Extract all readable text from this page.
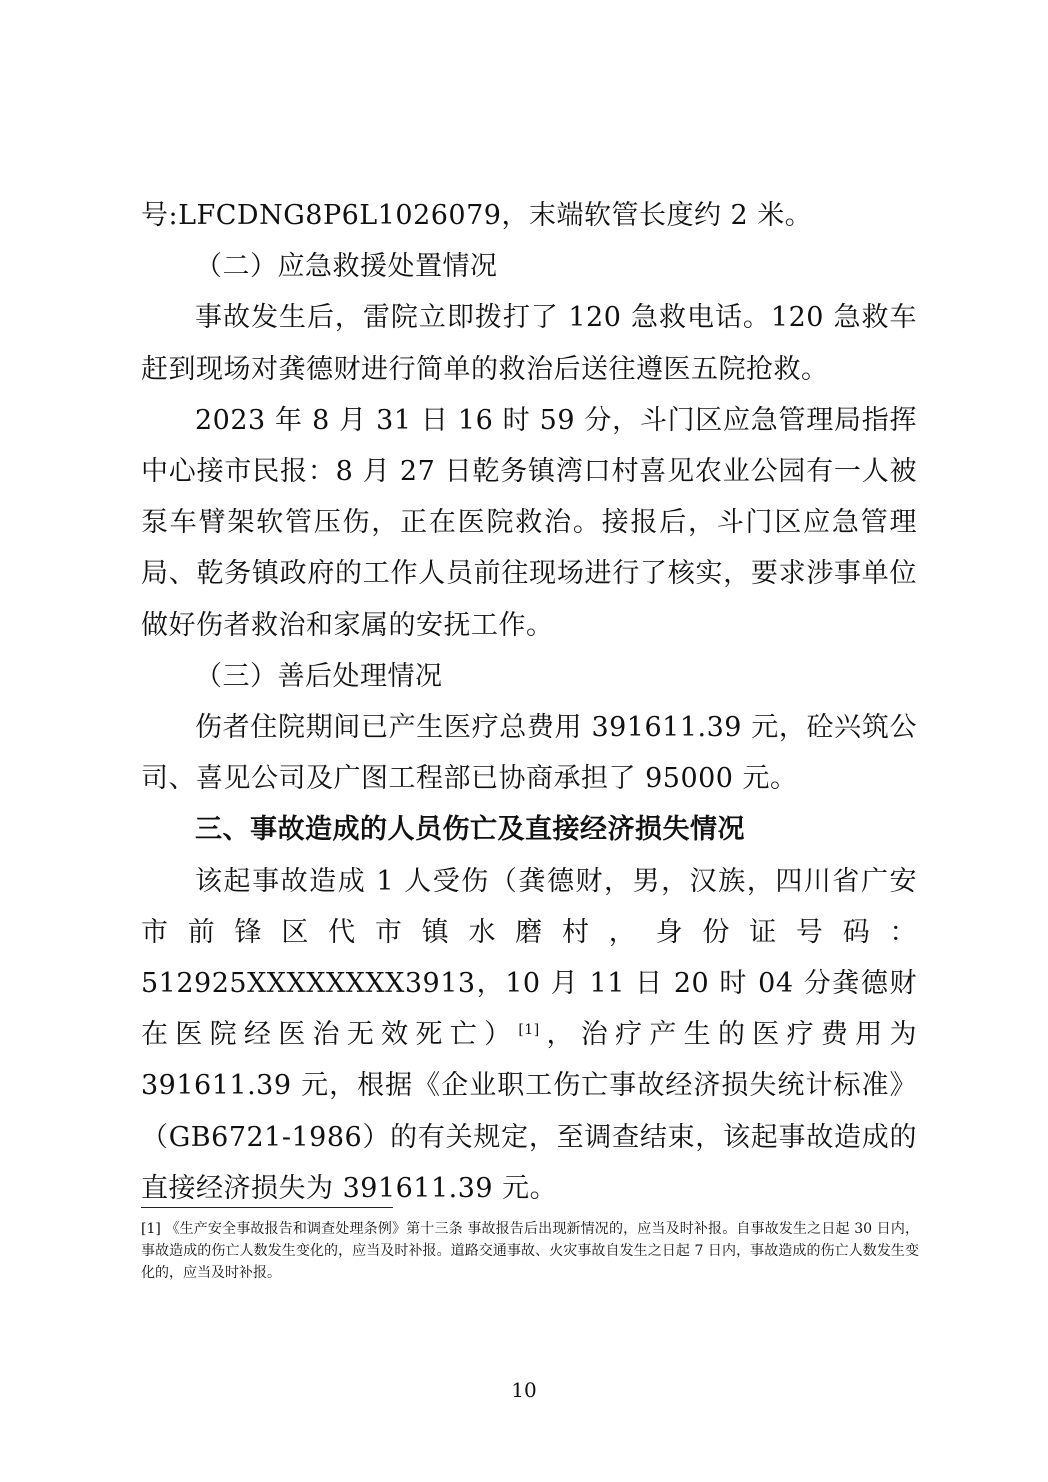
号:LFCDNG8P6L1026079，末端软管长度约 2 米。

（二）应急救援处置情况

事故发生后，雷院立即拨打了 120 急救电话。120 急救车赶到现场对龚德财进行简单的救治后送往遵医五院抢救。

2023 年 8 月 31 日 16 时 59 分，斗门区应急管理局指挥中心接市民报：8 月 27 日乾务镇湾口村喜见农业公园有一人被泵车臂架软管压伤，正在医院救治。接报后，斗门区应急管理局、乾务镇政府的工作人员前往现场进行了核实，要求涉事单位做好伤者救治和家属的安抚工作。

（三）善后处理情况

伤者住院期间已产生医疗总费用 391611.39 元，砼兴筑公司、喜见公司及广图工程部已协商承担了 95000 元。

三、事故造成的人员伤亡及直接经济损失情况

该起事故造成 1 人受伤（龚德财，男，汉族，四川省广安市前锋区代市镇水磨村，身份证号码：512925XXXXXXXX3913，10 月 11 日 20 时 04 分龚德财在医院经医治无效死亡）[1]，治疗产生的医疗费用为 391611.39 元，根据《企业职工伤亡事故经济损失统计标准》（GB6721-1986）的有关规定，至调查结束，该起事故造成的直接经济损失为 391611.39 元。

[1] 《生产安全事故报告和调查处理条例》第十三条 事故报告后出现新情况的，应当及时补报。自事故发生之日起 30 日内，事故造成的伤亡人数发生变化的，应当及时补报。道路交通事故、火灾事故自发生之日起 7 日内，事故造成的伤亡人数发生变化的，应当及时补报。

10
